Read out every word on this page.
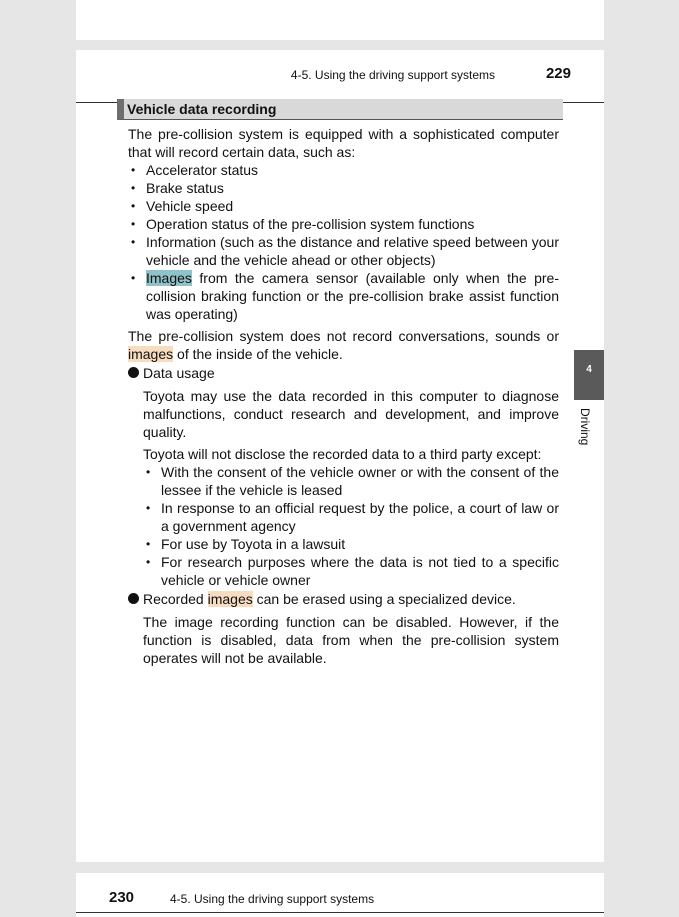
4-5. Using the driving support systems	229
Vehicle data recording
The pre-collision system is equipped with a sophisticated computer that will record certain data, such as:
• Accelerator status
• Brake status
• Vehicle speed
• Operation status of the pre-collision system functions
• Information (such as the distance and relative speed between your vehicle and the vehicle ahead or other objects)
• Images from the camera sensor (available only when the pre-collision braking function or the pre-collision brake assist function was operating)
The pre-collision system does not record conversations, sounds or images of the inside of the vehicle.
Data usage
Toyota may use the data recorded in this computer to diagnose malfunctions, conduct research and development, and improve quality.
Toyota will not disclose the recorded data to a third party except:
• With the consent of the vehicle owner or with the consent of the lessee if the vehicle is leased
• In response to an official request by the police, a court of law or a government agency
• For use by Toyota in a lawsuit
• For research purposes where the data is not tied to a specific vehicle or vehicle owner
Recorded images can be erased using a specialized device.
The image recording function can be disabled. However, if the function is disabled, data from when the pre-collision system operates will not be available.
4
Driving
230	4-5. Using the driving support systems
